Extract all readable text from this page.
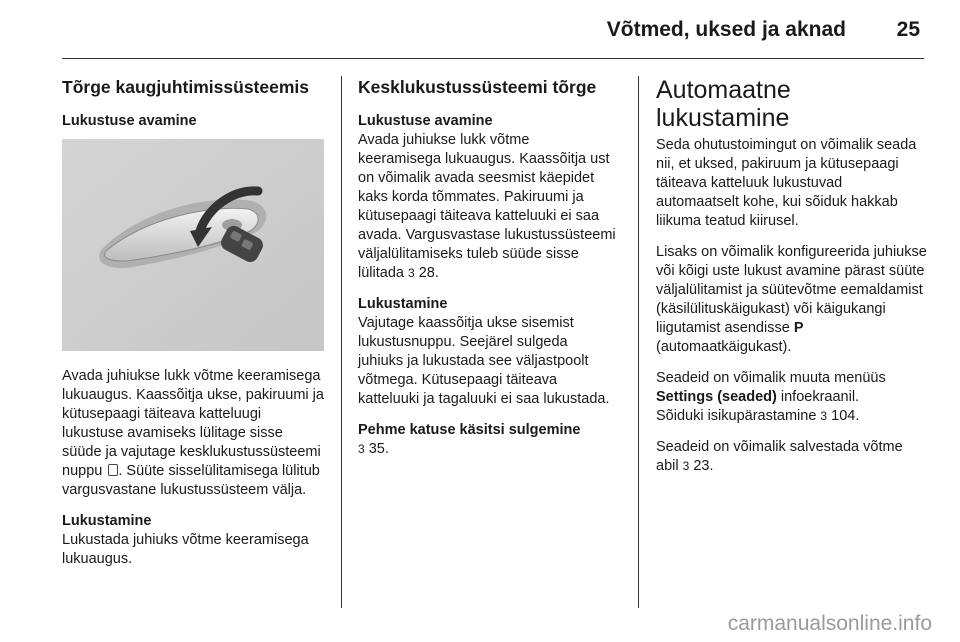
Võtmed, uksed ja aknad	25
Tõrge kaugjuhtimissüsteemis
Lukustuse avamine

Avada juhiukse lukk võtme keeramisega lukuaugus. Kaassõitja ukse, pakiruumi ja kütusepaagi täiteava katteluugi lukustuse avamiseks lülitage sisse süüde ja vajutage kesklukustussüsteemi nuppu . Süüte sisselülitamisega lülitub vargusvastane lukustussüsteem välja.

Lukustamine

Lukustada juhiuks võtme keeramisega lukuaugus.

Kesklukustussüsteemi tõrge
Lukustuse avamine

Avada juhiukse lukk võtme keeramisega lukuaugus. Kaassõitja ust on võimalik avada seesmist käepidet kaks korda tõmmates. Pakiruumi ja kütusepaagi täiteava katteluuki ei saa avada. Vargusvastase lukustussüsteemi väljalülitamiseks tuleb süüde sisse lülitada 3 28.

Lukustamine

Vajutage kaassõitja ukse sisemist lukustusnuppu. Seejärel sulgeda juhiuks ja lukustada see väljastpoolt võtmega. Kütusepaagi täiteava katteluuki ja tagaluuki ei saa lukustada.

Pehme katuse käsitsi sulgemine

3 35.

Automaatne lukustamine

Seda ohutustoimingut on võimalik seada nii, et uksed, pakiruum ja kütusepaagi täiteava katteluuk lukustuvad automaatselt kohe, kui sõiduk hakkab liikuma teatud kiirusel.

Lisaks on võimalik konfigureerida juhiukse või kõigi uste lukust avamine pärast süüte väljalülitamist ja süütevõtme eemaldamist (käsilülituskäigukast) või käigukangi liigutamist asendisse P (automaatkäigukast).

Seadeid on võimalik muuta menüüs Settings (seaded) infoekraanil.
Sõiduki isikupärastamine 3 104.

Seadeid on võimalik salvestada võtme abil 3 23.

carmanualsonline.info
